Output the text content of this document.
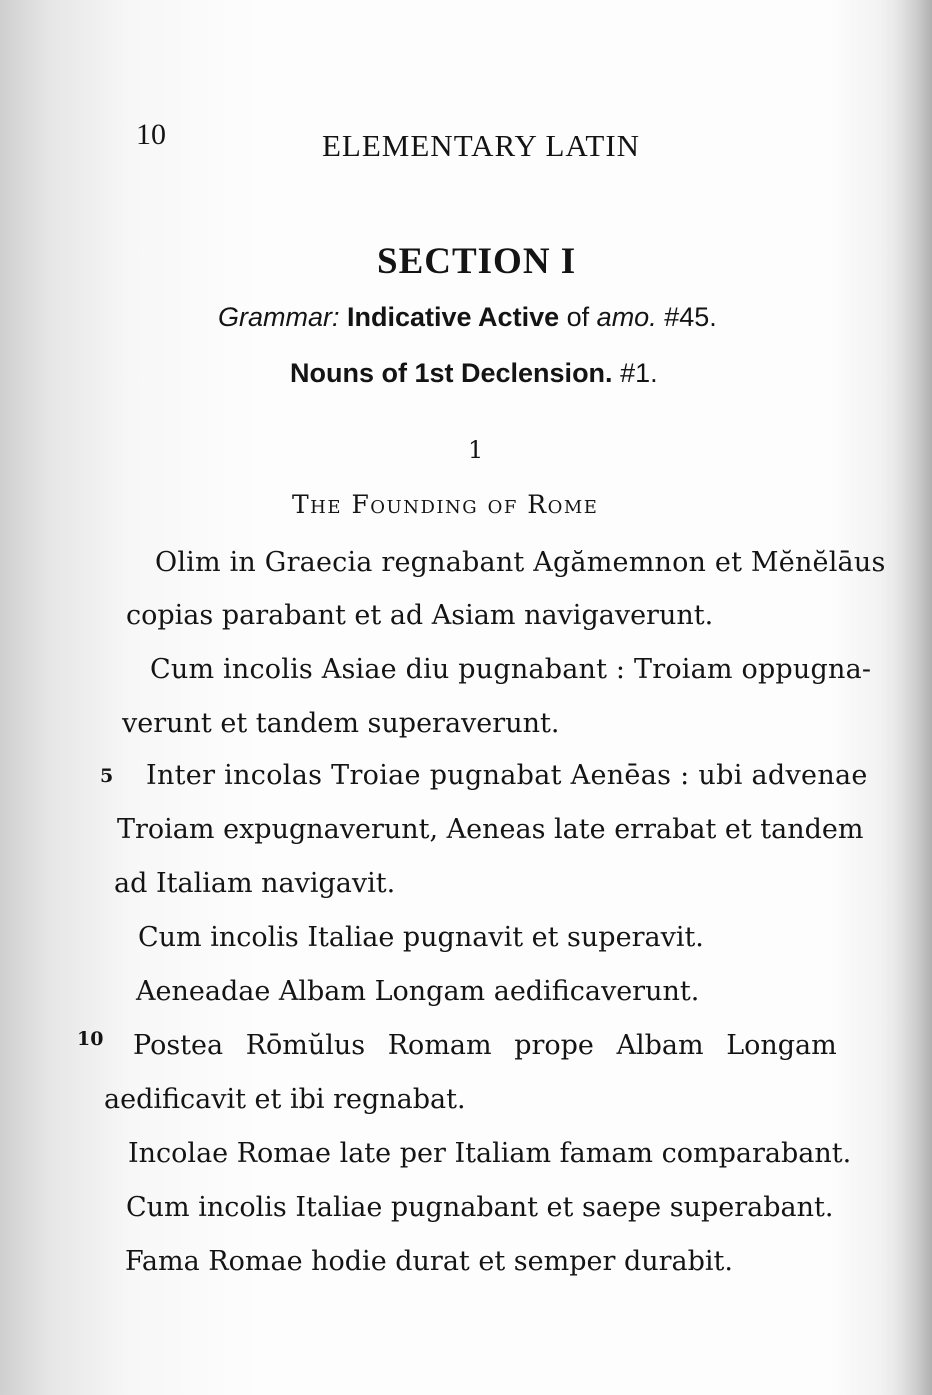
10	ELEMENTARY LATIN
SECTION I
Grammar: Indicative Active of amo. #45.
Nouns of 1st Declension. #1.
1
The Founding of Rome
Olim in Graecia regnabant Agămemnon et Mĕnĕlāus
copias parabant et ad Asiam navigaverunt.
Cum incolis Asiae diu pugnabant : Troiam oppugna-
verunt et tandem superaverunt.
5 Inter incolas Troiae pugnabat Aenēas : ubi advenae
Troiam expugnaverunt, Aeneas late errabat et tandem
ad Italiam navigavit.
Cum incolis Italiae pugnavit et superavit.
Aeneadae Albam Longam aedificaverunt.
10 Postea Rōmŭlus Romam prope Albam Longam
aedificavit et ibi regnabat.
Incolae Romae late per Italiam famam comparabant.
Cum incolis Italiae pugnabant et saepe superabant.
Fama Romae hodie durat et semper durabit.
